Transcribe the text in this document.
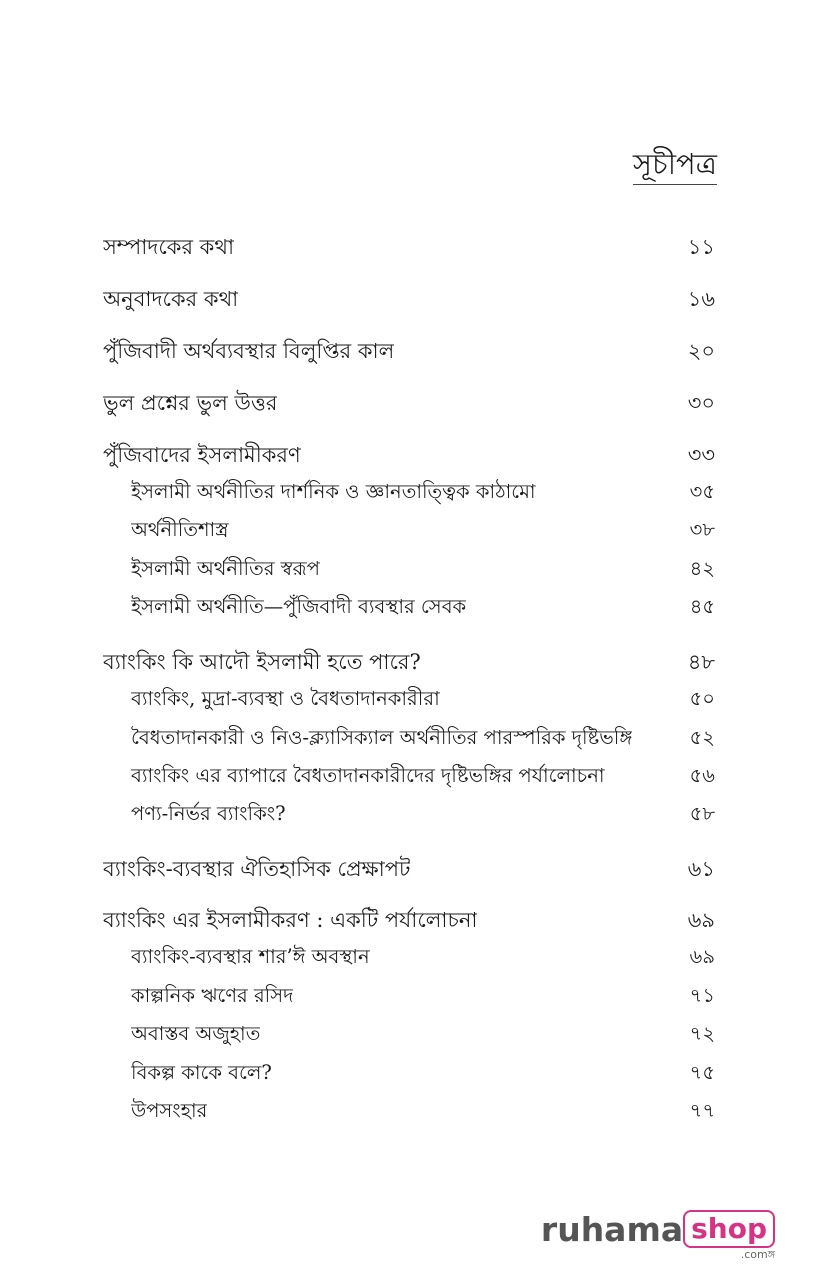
সূচীপত্র
সম্পাদকের কথা	১১
অনুবাদকের কথা	১৬
পুঁজিবাদী অর্থব্যবস্থার বিলুপ্তির কাল	২০
ভুল প্রশ্নের ভুল উত্তর	৩০
পুঁজিবাদের ইসলামীকরণ	৩৩
ইসলামী অর্থনীতির দার্শনিক ও জ্ঞানতাত্ত্বিক কাঠামো	৩৫
অর্থনীতিশাস্ত্র	৩৮
ইসলামী অর্থনীতির স্বরূপ	৪২
ইসলামী অর্থনীতি—পুঁজিবাদী ব্যবস্থার সেবক	৪৫
ব্যাংকিং কি আদৌ ইসলামী হতে পারে?	৪৮
ব্যাংকিং, মুদ্রা-ব্যবস্থা ও বৈধতাদানকারীরা	৫০
বৈধতাদানকারী ও নিও-ক্ল্যাসিক্যাল অর্থনীতির পারস্পরিক দৃষ্টিভঙ্গি	৫২
ব্যাংকিং এর ব্যাপারে বৈধতাদানকারীদের দৃষ্টিভঙ্গির পর্যালোচনা	৫৬
পণ্য-নির্ভর ব্যাংকিং?	৫৮
ব্যাংকিং-ব্যবস্থার ঐতিহাসিক প্রেক্ষাপট	৬১
ব্যাংকিং এর ইসলামীকরণ : একটি পর্যালোচনা	৬৯
ব্যাংকিং-ব্যবস্থার শার’ঈ অবস্থান	৬৯
কাল্পনিক ঋণের রসিদ	৭১
অবাস্তব অজুহাত	৭২
বিকল্প কাকে বলে?	৭৫
উপসংহার	৭৭
ruhama shop
.comঙ্গ
